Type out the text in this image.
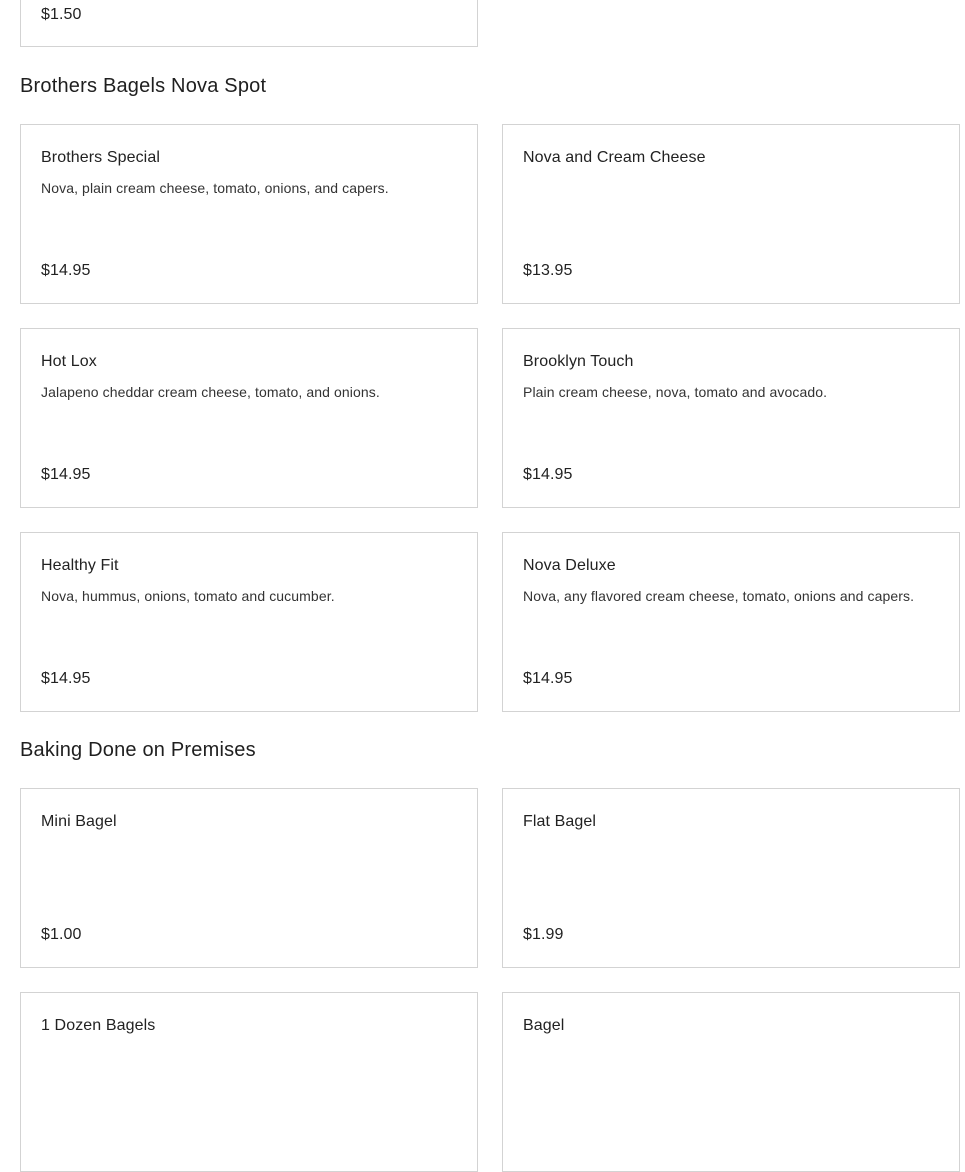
$1.50
Brothers Bagels Nova Spot
Brothers Special
Nova, plain cream cheese, tomato, onions, and capers.
$14.95
Nova and Cream Cheese
$13.95
Hot Lox
Jalapeno cheddar cream cheese, tomato, and onions.
$14.95
Brooklyn Touch
Plain cream cheese, nova, tomato and avocado.
$14.95
Healthy Fit
Nova, hummus, onions, tomato and cucumber.
$14.95
Nova Deluxe
Nova, any flavored cream cheese, tomato, onions and capers.
$14.95
Baking Done on Premises
Mini Bagel
$1.00
Flat Bagel
$1.99
1 Dozen Bagels	Bagel
